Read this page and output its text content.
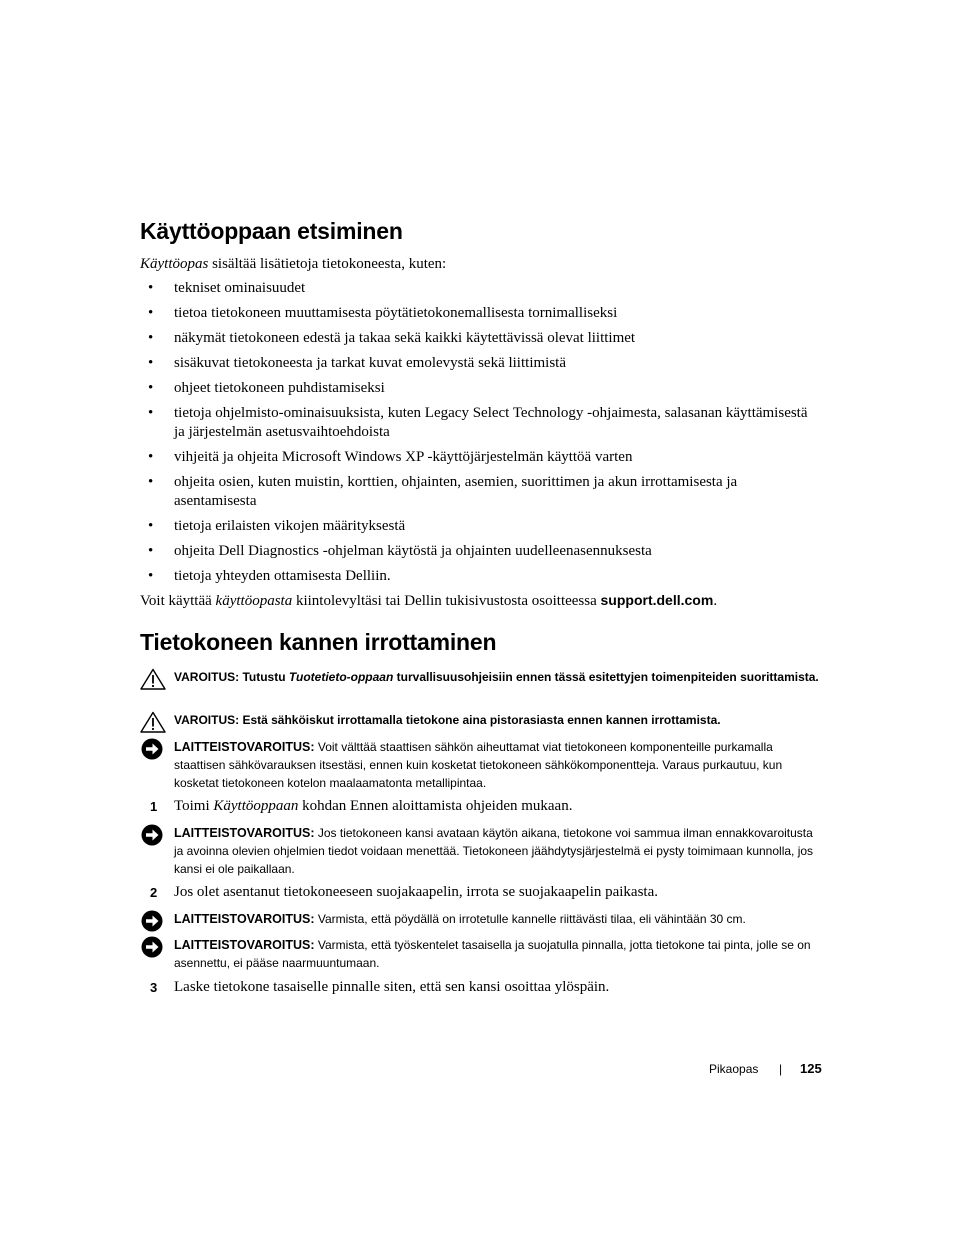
Käyttöoppaan etsiminen
Käyttöopas sisältää lisätietoja tietokoneesta, kuten:
• tekniset ominaisuudet
• tietoa tietokoneen muuttamisesta pöytätietokonemallisesta tornimalliseksi
• näkymät tietokoneen edestä ja takaa sekä kaikki käytettävissä olevat liittimet
• sisäkuvat tietokoneesta ja tarkat kuvat emolevystä sekä liittimistä
• ohjeet tietokoneen puhdistamiseksi
• tietoja ohjelmisto-ominaisuuksista, kuten Legacy Select Technology -ohjaimesta, salasanan käyttämisestä ja järjestelmän asetusvaihtoehdoista
• vihjeitä ja ohjeita Microsoft Windows XP -käyttöjärjestelmän käyttöä varten
• ohjeita osien, kuten muistin, korttien, ohjainten, asemien, suorittimen ja akun irrottamisesta ja asentamisesta
• tietoja erilaisten vikojen määrityksestä
• ohjeita Dell Diagnostics -ohjelman käytöstä ja ohjainten uudelleenasennuksesta
• tietoja yhteyden ottamisesta Delliin.
Voit käyttää käyttöopasta kiintolevyltäsi tai Dellin tukisivustosta osoitteessa support.dell.com.
Tietokoneen kannen irrottaminen
VAROITUS: Tutustu Tuotetieto-oppaan turvallisuusohjeisiin ennen tässä esitettyjen toimenpiteiden suorittamista.
VAROITUS: Estä sähköiskut irrottamalla tietokone aina pistorasiasta ennen kannen irrottamista.
LAITTEISTOVAROITUS: Voit välttää staattisen sähkön aiheuttamat viat tietokoneen komponenteille purkamalla staattisen sähkövarauksen itsestäsi, ennen kuin kosketat tietokoneen sähkökomponentteja. Varaus purkautuu, kun kosketat tietokoneen kotelon maalaamatonta metallipintaa.
1	Toimi Käyttöoppaan kohdan Ennen aloittamista ohjeiden mukaan.
LAITTEISTOVAROITUS: Jos tietokoneen kansi avataan käytön aikana, tietokone voi sammua ilman ennakkovaroitusta ja avoinna olevien ohjelmien tiedot voidaan menettää. Tietokoneen jäähdytysjärjestelmä ei pysty toimimaan kunnolla, jos kansi ei ole paikallaan.
2	Jos olet asentanut tietokoneeseen suojakaapelin, irrota se suojakaapelin paikasta.
LAITTEISTOVAROITUS: Varmista, että pöydällä on irrotetulle kannelle riittävästi tilaa, eli vähintään 30 cm.
LAITTEISTOVAROITUS: Varmista, että työskentelet tasaisella ja suojatulla pinnalla, jotta tietokone tai pinta, jolle se on asennettu, ei pääse naarmuuntumaan.
3	Laske tietokone tasaiselle pinnalle siten, että sen kansi osoittaa ylöspäin.
Pikaopas | 125
